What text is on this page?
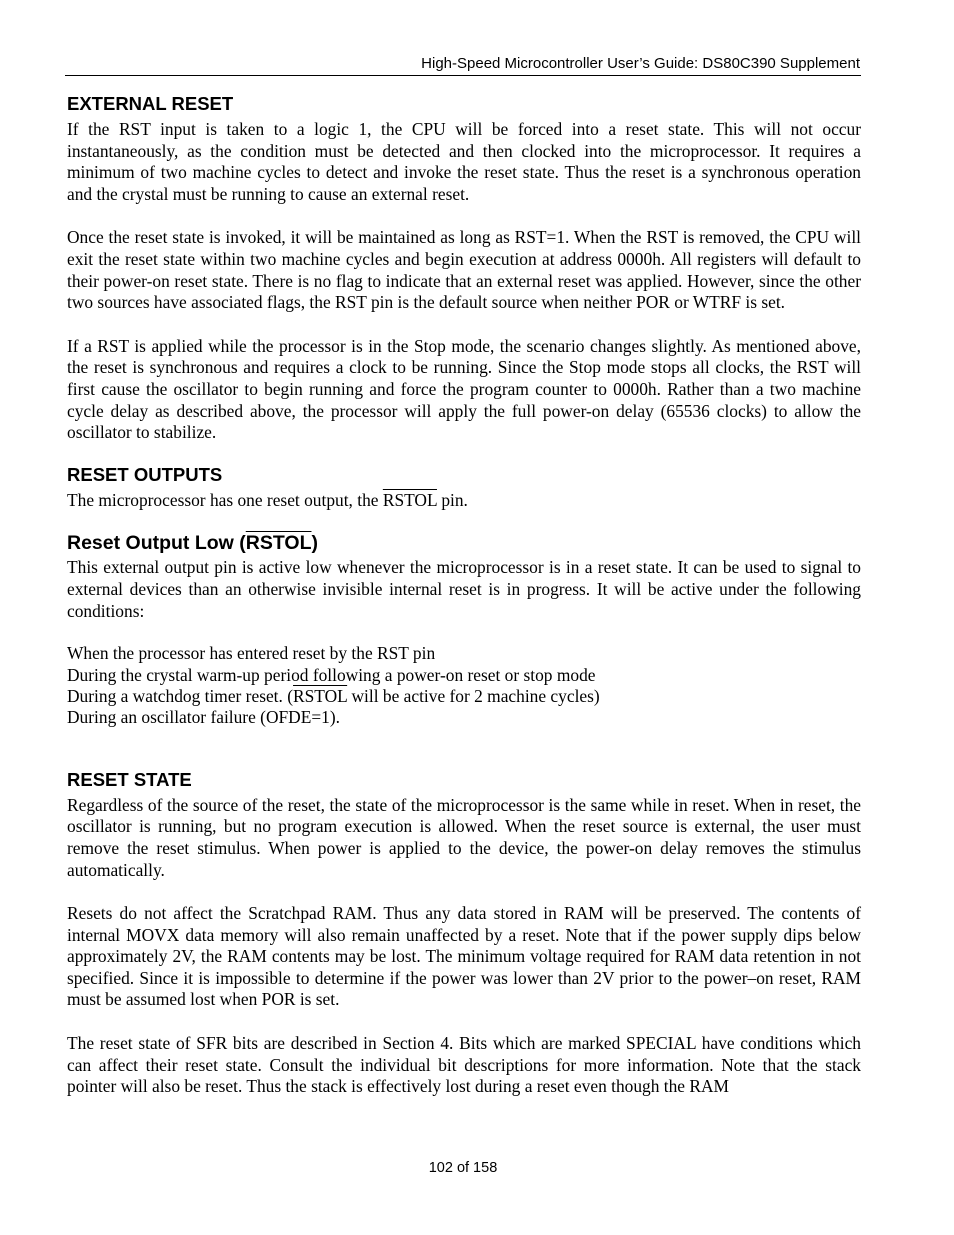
High-Speed Microcontroller User’s Guide: DS80C390 Supplement
EXTERNAL RESET

If the RST input is taken to a logic 1, the CPU will be forced into a reset state. This will not occur instantaneously, as the condition must be detected and then clocked into the microprocessor. It requires a minimum of two machine cycles to detect and invoke the reset state. Thus the reset is a synchronous operation and the crystal must be running to cause an external reset.

Once the reset state is invoked, it will be maintained as long as RST=1. When the RST is removed, the CPU will exit the reset state within two machine cycles and begin execution at address 0000h. All registers will default to their power-on reset state. There is no flag to indicate that an external reset was applied. However, since the other two sources have associated flags, the RST pin is the default source when neither POR or WTRF is set.

If a RST is applied while the processor is in the Stop mode, the scenario changes slightly. As mentioned above, the reset is synchronous and requires a clock to be running. Since the Stop mode stops all clocks, the RST will first cause the oscillator to begin running and force the program counter to 0000h. Rather than a two machine cycle delay as described above, the processor will apply the full power-on delay (65536 clocks) to allow the oscillator to stabilize.

RESET OUTPUTS

The microprocessor has one reset output, the RSTOL pin.

Reset Output Low (RSTOL)

This external output pin is active low whenever the microprocessor is in a reset state. It can be used to signal to external devices than an otherwise invisible internal reset is in progress. It will be active under the following conditions:

When the processor has entered reset by the RST pin
During the crystal warm-up period following a power-on reset or stop mode
During a watchdog timer reset. (RSTOL will be active for 2 machine cycles)
During an oscillator failure (OFDE=1).
RESET STATE

Regardless of the source of the reset, the state of the microprocessor is the same while in reset. When in reset, the oscillator is running, but no program execution is allowed. When the reset source is external, the user must remove the reset stimulus. When power is applied to the device, the power-on delay removes the stimulus automatically.

Resets do not affect the Scratchpad RAM. Thus any data stored in RAM will be preserved. The contents of internal MOVX data memory will also remain unaffected by a reset. Note that if the power supply dips below approximately 2V, the RAM contents may be lost. The minimum voltage required for RAM data retention in not specified. Since it is impossible to determine if the power was lower than 2V prior to the power–on reset, RAM must be assumed lost when POR is set.

The reset state of SFR bits are described in Section 4. Bits which are marked SPECIAL have conditions which can affect their reset state. Consult the individual bit descriptions for more information. Note that the stack pointer will also be reset. Thus the stack is effectively lost during a reset even though the RAM

102 of 158
